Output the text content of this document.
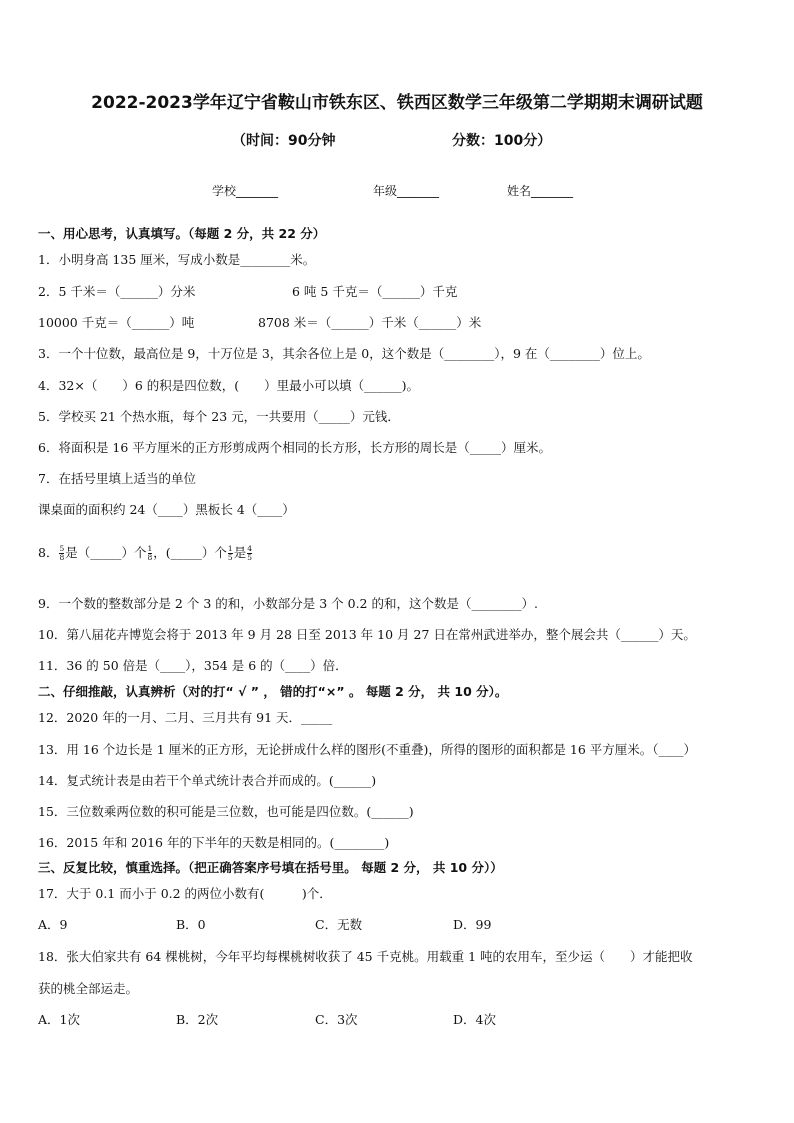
2022-2023学年辽宁省鞍山市铁东区、铁西区数学三年级第二学期期末调研试题
（时间：90分钟	分数：100分）
学校_______	年级_______	姓名_______
一、用心思考，认真填写。（每题 2 分，共 22 分）
1．小明身高 135 厘米，写成小数是________米。
2．5 千米＝（______）分米	6 吨 5 千克＝（______）千克
10000 千克＝（______）吨	8708 米＝（______）千米（______）米
3．一个十位数，最高位是 9，十万位是 3，其余各位上是 0，这个数是（________），9 在（________）位上。
4．32×（　　）6 的积是四位数，(　　）里最小可以填（______)。
5．学校买 21 个热水瓶，每个 23 元，一共要用（_____）元钱．
6．将面积是 16 平方厘米的正方形剪成两个相同的长方形，长方形的周长是（_____）厘米。
7．在括号里填上适当的单位
课桌面的面积约 24（____）黑板长 4（____）
8． $\frac{5}{8}$ 是（_____）个 $\frac{1}{8}$ ，(_____）个 $\frac{1}{5}$ 是 $\frac{4}{5}$
9．一个数的整数部分是 2 个 3 的和，小数部分是 3 个 0.2 的和，这个数是（________）.
10．第八届花卉博览会将于 2013 年 9 月 28 日至 2013 年 10 月 27 日在常州武进举办，整个展会共（______）天。
11．36 的 50 倍是（____），354 是 6 的（____）倍．
二、仔细推敲，认真辨析（对的打“ √ ” ， 错的打“×” 。 每题 2 分， 共 10 分）。
12．2020 年的一月、二月、三月共有 91 天．_____
13．用 16 个边长是 1 厘米的正方形，无论拼成什么样的图形(不重叠)，所得的图形的面积都是 16 平方厘米。（____）
14．复式统计表是由若干个单式统计表合并而成的。(______)
15．三位数乘两位数的积可能是三位数，也可能是四位数。(______)
16．2015 年和 2016 年的下半年的天数是相同的。(________)
三、反复比较，慎重选择。（把正确答案序号填在括号里。 每题 2 分， 共 10 分））
17．大于 0.1 而小于 0.2 的两位小数有(　　　)个．
A．9	B．0	C．无数	D．99
18．张大伯家共有 64 棵桃树，今年平均每棵桃树收获了 45 千克桃。用载重 1 吨的农用车，至少运（　　）才能把收
获的桃全部运走。
A．1次	B．2次	C．3次	D．4次
